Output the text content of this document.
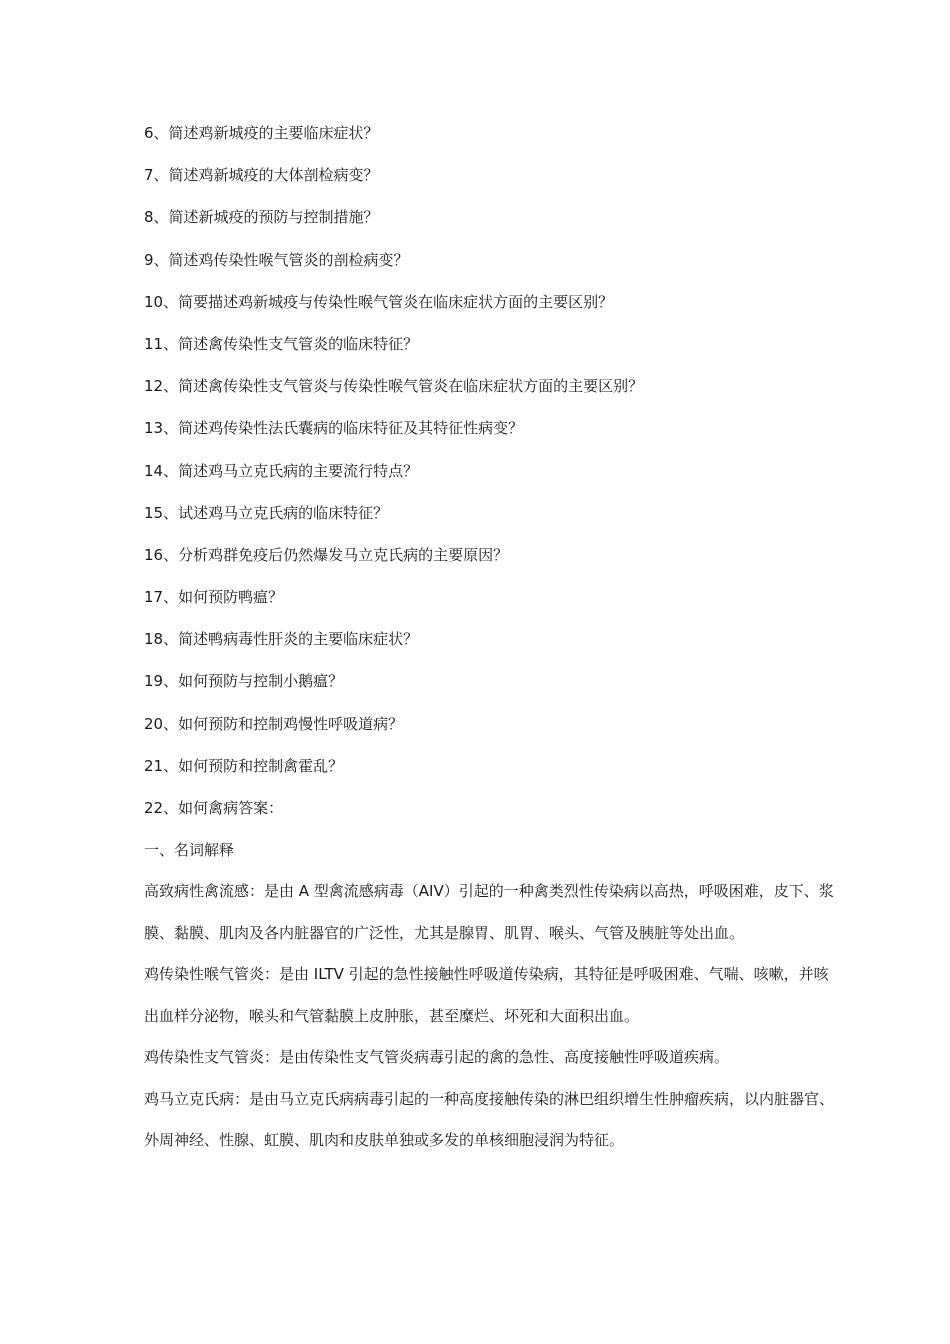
6、简述鸡新城疫的主要临床症状？
7、简述鸡新城疫的大体剖检病变？
8、简述新城疫的预防与控制措施？
9、简述鸡传染性喉气管炎的剖检病变？
10、简要描述鸡新城疫与传染性喉气管炎在临床症状方面的主要区别？
11、简述禽传染性支气管炎的临床特征？
12、简述禽传染性支气管炎与传染性喉气管炎在临床症状方面的主要区别？
13、简述鸡传染性法氏囊病的临床特征及其特征性病变？
14、简述鸡马立克氏病的主要流行特点？
15、试述鸡马立克氏病的临床特征？
16、分析鸡群免疫后仍然爆发马立克氏病的主要原因？
17、如何预防鸭瘟？
18、简述鸭病毒性肝炎的主要临床症状？
19、如何预防与控制小鹅瘟？
20、如何预防和控制鸡慢性呼吸道病？
21、如何预防和控制禽霍乱？
22、如何禽病答案：
一、名词解释
高致病性禽流感：是由 A 型禽流感病毒（AIV）引起的一种禽类烈性传染病以高热，呼吸困难，皮下、浆膜、黏膜、肌肉及各内脏器官的广泛性，尤其是腺胃、肌胃、喉头、气管及胰脏等处出血。
鸡传染性喉气管炎：是由 ILTV 引起的急性接触性呼吸道传染病，其特征是呼吸困难、气喘、咳嗽，并咳出血样分泌物，喉头和气管黏膜上皮肿胀，甚至糜烂、坏死和大面积出血。
鸡传染性支气管炎：是由传染性支气管炎病毒引起的禽的急性、高度接触性呼吸道疾病。
鸡马立克氏病：是由马立克氏病病毒引起的一种高度接触传染的淋巴组织增生性肿瘤疾病，以内脏器官、外周神经、性腺、虹膜、肌肉和皮肤单独或多发的单核细胞浸润为特征。
